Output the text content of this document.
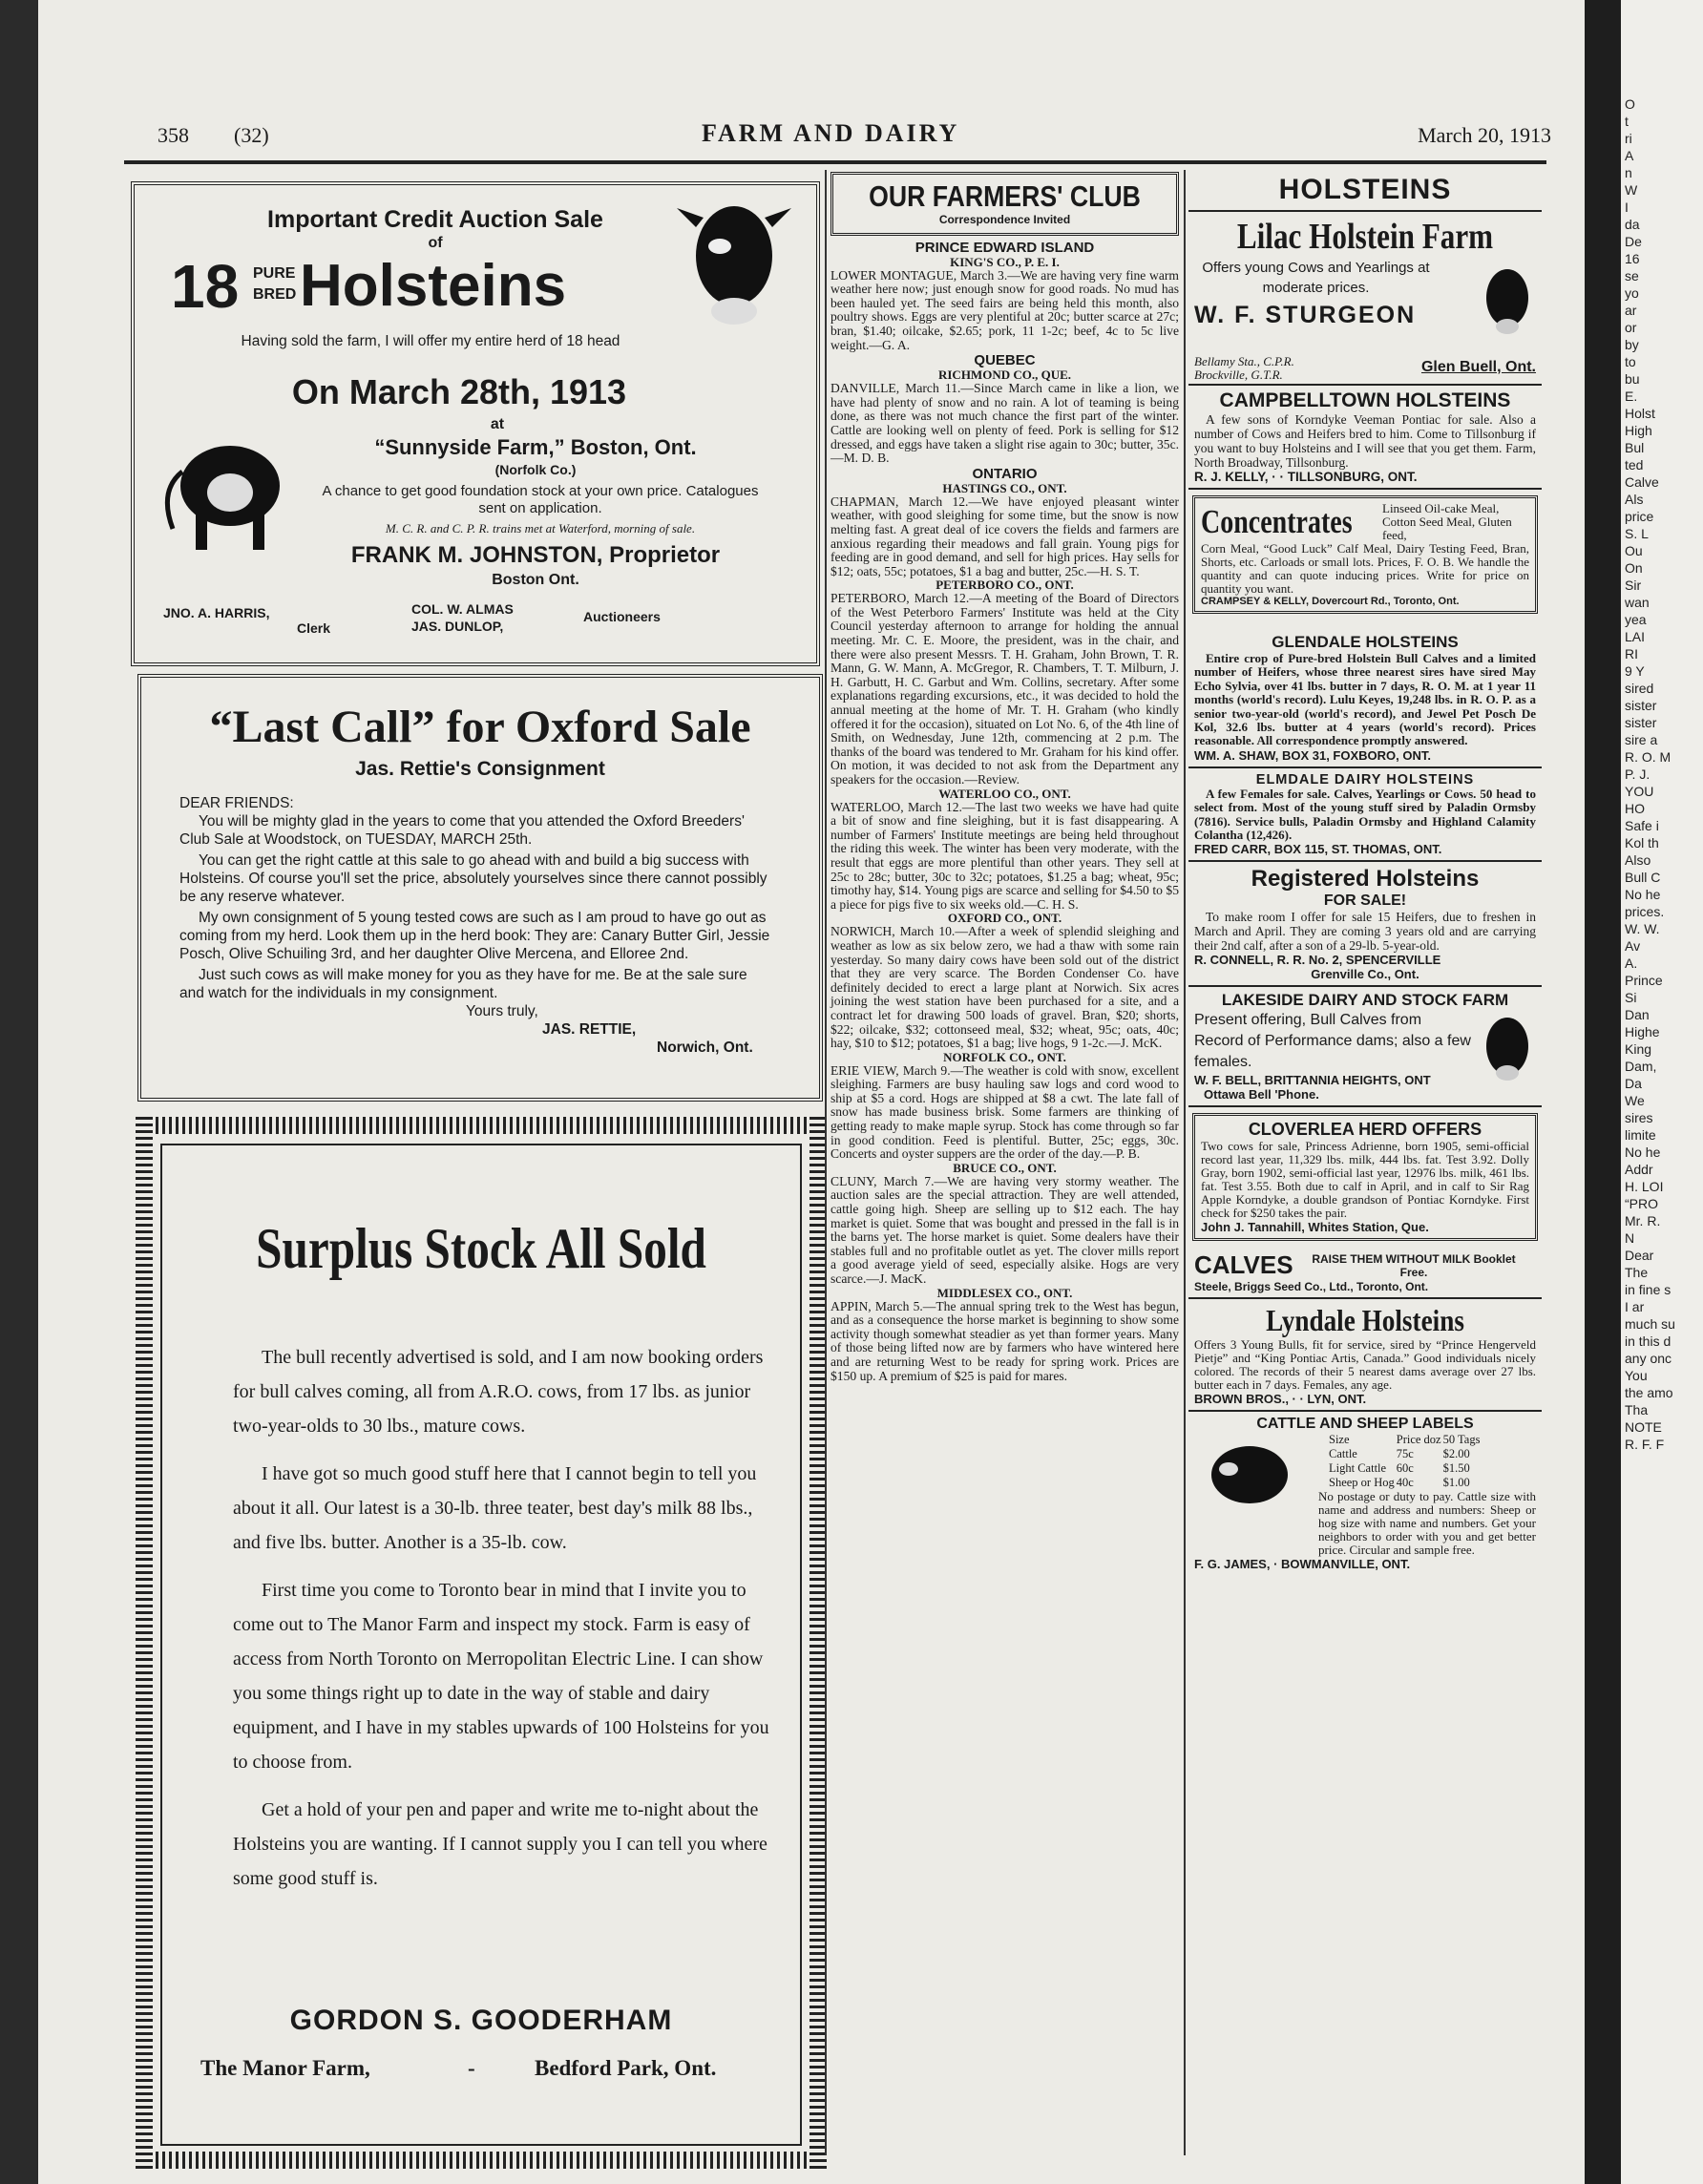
358 (32)	FARM AND DAIRY	March 20, 1913
Important Credit Auction Sale
of
18 PURE
BRED Holsteins
Having sold the farm, I will offer my entire herd of 18 head
On March 28th, 1913
at
“Sunnyside Farm,” Boston, Ont.
(Norfolk Co.)
A chance to get good foundation stock at your own price. Catalogues sent on application.
M. C. R. and C. P. R. trains met at Waterford, morning of sale.
FRANK M. JOHNSTON, Proprietor
Boston Ont.
JNO. A. HARRIS,
Clerk
COL. W. ALMAS
JAS. DUNLOP,
Auctioneers
“Last Call” for Oxford Sale
Jas. Rettie's Consignment
DEAR FRIENDS:
You will be mighty glad in the years to come that you attended the Oxford Breeders' Club Sale at Woodstock, on TUESDAY, MARCH 25th.
You can get the right cattle at this sale to go ahead with and build a big success with Holsteins. Of course you'll set the price, absolutely yourselves since there cannot possibly be any reserve whatever.
My own consignment of 5 young tested cows are such as I am proud to have go out as coming from my herd. Look them up in the herd book: They are: Canary Butter Girl, Jessie Posch, Olive Schuiling 3rd, and her daughter Olive Mercena, and Elloree 2nd.
Just such cows as will make money for you as they have for me. Be at the sale sure and watch for the individuals in my consignment.
Yours truly,
JAS. RETTIE,
Norwich, Ont.
Surplus Stock All Sold
The bull recently advertised is sold, and I am now booking orders for bull calves coming, all from A.R.O. cows, from 17 lbs. as junior two-year-olds to 30 lbs., mature cows.
I have got so much good stuff here that I cannot begin to tell you about it all. Our latest is a 30-lb. three teater, best day's milk 88 lbs., and five lbs. butter. Another is a 35-lb. cow.
First time you come to Toronto bear in mind that I invite you to come out to The Manor Farm and inspect my stock. Farm is easy of access from North Toronto on Merropolitan Electric Line. I can show you some things right up to date in the way of stable and dairy equipment, and I have in my stables upwards of 100 Holsteins for you to choose from.
Get a hold of your pen and paper and write me to-night about the Holsteins you are wanting. If I cannot supply you I can tell you where some good stuff is.
GORDON S. GOODERHAM
The Manor Farm,	-	Bedford Park, Ont.
OUR FARMERS' CLUB
Correspondence Invited
PRINCE EDWARD ISLAND
KING'S CO., P. E. I.

LOWER MONTAGUE, March 3.—We are having very fine warm weather here now; just enough snow for good roads. No mud has been hauled yet. The seed fairs are being held this month, also poultry shows. Eggs are very plentiful at 20c; butter scarce at 27c; bran, $1.40; oilcake, $2.65; pork, 11 1-2c; beef, 4c to 5c live weight.—G. A.

QUEBEC
RICHMOND CO., QUE.

DANVILLE, March 11.—Since March came in like a lion, we have had plenty of snow and no rain. A lot of teaming is being done, as there was not much chance the first part of the winter. Cattle are looking well on plenty of feed. Pork is selling for $12 dressed, and eggs have taken a slight rise again to 30c; butter, 35c.—M. D. B.

ONTARIO
HASTINGS CO., ONT.

CHAPMAN, March 12.—We have enjoyed pleasant winter weather, with good sleighing for some time, but the snow is now melting fast. A great deal of ice covers the fields and farmers are anxious regarding their meadows and fall grain. Young pigs for feeding are in good demand, and sell for high prices. Hay sells for $12; oats, 55c; potatoes, $1 a bag and butter, 25c.—H. S. T.

PETERBORO CO., ONT.

PETERBORO, March 12.—A meeting of the Board of Directors of the West Peterboro Farmers' Institute was held at the City Council yesterday afternoon to arrange for holding the annual meeting. Mr. C. E. Moore, the president, was in the chair, and there were also present Messrs. T. H. Graham, John Brown, T. R. Mann, G. W. Mann, A. McGregor, R. Chambers, T. T. Milburn, J. H. Garbutt, H. C. Garbut and Wm. Collins, secretary. After some explanations regarding excursions, etc., it was decided to hold the annual meeting at the home of Mr. T. H. Graham (who kindly offered it for the occasion), situated on Lot No. 6, of the 4th line of Smith, on Wednesday, June 12th, commencing at 2 p.m. The thanks of the board was tendered to Mr. Graham for his kind offer. On motion, it was decided to not ask from the Department any speakers for the occasion.—Review.

WATERLOO CO., ONT.

WATERLOO, March 12.—The last two weeks we have had quite a bit of snow and fine sleighing, but it is fast disappearing. A number of Farmers' Institute meetings are being held throughout the riding this week. The winter has been very moderate, with the result that eggs are more plentiful than other years. They sell at 25c to 28c; butter, 30c to 32c; potatoes, $1.25 a bag; wheat, 95c; timothy hay, $14. Young pigs are scarce and selling for $4.50 to $5 a piece for pigs five to six weeks old.—C. H. S.

OXFORD CO., ONT.

NORWICH, March 10.—After a week of splendid sleighing and weather as low as six below zero, we had a thaw with some rain yesterday. So many dairy cows have been sold out of the district that they are very scarce. The Borden Condenser Co. have definitely decided to erect a large plant at Norwich. Six acres joining the west station have been purchased for a site, and a contract let for drawing 500 loads of gravel. Bran, $20; shorts, $22; oilcake, $32; cottonseed meal, $32; wheat, 95c; oats, 40c; hay, $10 to $12; potatoes, $1 a bag; live hogs, 9 1-2c.—J. McK.

NORFOLK CO., ONT.

ERIE VIEW, March 9.—The weather is cold with snow, excellent sleighing. Farmers are busy hauling saw logs and cord wood to ship at $5 a cord. Hogs are shipped at $8 a cwt. The late fall of snow has made business brisk. Some farmers are thinking of getting ready to make maple syrup. Stock has come through so far in good condition. Feed is plentiful. Butter, 25c; eggs, 30c. Concerts and oyster suppers are the order of the day.—P. B.

BRUCE CO., ONT.

CLUNY, March 7.—We are having very stormy weather. The auction sales are the special attraction. They are well attended, cattle going high. Sheep are selling up to $12 each. The hay market is quiet. Some that was bought and pressed in the fall is in the barns yet. The horse market is quiet. Some dealers have their stables full and no profitable outlet as yet. The clover mills report a good average yield of seed, especially alsike. Hogs are very scarce.—J. MacK.

MIDDLESEX CO., ONT.

APPIN, March 5.—The annual spring trek to the West has begun, and as a consequence the horse market is beginning to show some activity though somewhat steadier as yet than former years. Many of those being lifted now are by farmers who have wintered here and are returning West to be ready for spring work. Prices are $150 up. A premium of $25 is paid for mares.

HOLSTEINS
Lilac Holstein Farm
Offers young Cows and Yearlings at moderate prices.
W. F. STURGEON
Bellamy Sta., C.P.R. Brockville, G.T.R.	Glen Buell, Ont.
CAMPBELLTOWN HOLSTEINS

A few sons of Korndyke Veeman Pontiac for sale. Also a number of Cows and Heifers bred to him. Come to Tillsonburg if you want to buy Holsteins and I will see that you get them. Farm, North Broadway, Tillsonburg.

R. J. KELLY, · · TILLSONBURG, ONT.
Concentrates Linseed Oil-cake Meal, Cotton Seed Meal, Gluten feed,

Corn Meal, “Good Luck” Calf Meal, Dairy Testing Feed, Bran, Shorts, etc. Carloads or small lots. Prices, F. O. B. We handle the quantity and can quote inducing prices. Write for price on quantity you want.

CRAMPSEY & KELLY, Dovercourt Rd., Toronto, Ont.
GLENDALE HOLSTEINS

Entire crop of Pure-bred Holstein Bull Calves and a limited number of Heifers, whose three nearest sires have sired May Echo Sylvia, over 41 lbs. butter in 7 days, R. O. M. at 1 year 11 months (world's record). Lulu Keyes, 19,248 lbs. in R. O. P. as a senior two-year-old (world's record), and Jewel Pet Posch De Kol, 32.6 lbs. butter at 4 years (world's record). Prices reasonable. All correspondence promptly answered.

WM. A. SHAW, BOX 31, FOXBORO, ONT.
ELMDALE DAIRY HOLSTEINS

A few Females for sale. Calves, Yearlings or Cows. 50 head to select from. Most of the young stuff sired by Paladin Ormsby (7816). Service bulls, Paladin Ormsby and Highland Calamity Colantha (12,426).

FRED CARR, BOX 115, ST. THOMAS, ONT.
Registered Holsteins
FOR SALE!

To make room I offer for sale 15 Heifers, due to freshen in March and April. They are coming 3 years old and are carrying their 2nd calf, after a son of a 29-lb. 5-year-old.

R. CONNELL, R. R. No. 2, SPENCERVILLE
Grenville Co., Ont.
LAKESIDE DAIRY AND STOCK FARM

Present offering, Bull Calves from Record of Performance dams; also a few females.

W. F. BELL, BRITTANNIA HEIGHTS, ONT
Ottawa Bell 'Phone.
CLOVERLEA HERD OFFERS

Two cows for sale, Princess Adrienne, born 1905, semi-official record last year, 11,329 lbs. milk, 444 lbs. fat. Test 3.92. Dolly Gray, born 1902, semi-official last year, 12976 lbs. milk, 461 lbs. fat. Test 3.55. Both due to calf in April, and in calf to Sir Rag Apple Korndyke, a double grandson of Pontiac Korndyke. First check for $250 takes the pair.

John J. Tannahill, Whites Station, Que.
CALVES	RAISE THEM WITHOUT MILK Booklet Free.
Steele, Briggs Seed Co., Ltd., Toronto, Ont.
Lyndale Holsteins

Offers 3 Young Bulls, fit for service, sired by “Prince Hengerveld Pietje” and “King Pontiac Artis, Canada.” Good individuals nicely colored. The records of their 5 nearest dams average over 27 lbs. butter each in 7 days. Females, any age.

BROWN BROS., · · LYN, ONT.
CATTLE AND SHEEP LABELS
Size	Price doz	50 Tags
Cattle	75c	$2.00
Light Cattle	60c	$1.50
Sheep or Hog	40c	$1.00

No postage or duty to pay. Cattle size with name and address and numbers: Sheep or hog size with name and numbers. Get your neighbors to order with you and get better price. Circular and sample free.

F. G. JAMES, · BOWMANVILLE, ONT.
O
t
ri
A
n
W
I
da
De
16
se
yo
ar
or
by
to
bu
E.
Holst
High
Bul
ted
Calve
Als
price
S. L
Ou
On
Sir
wan
yea
LAI
RI
9 Y
sired
sister
sister
sire a
R. O. M
P. J.
YOU
HO
Safe i
Kol th
Also
Bull C
No he
prices.
W. W.
Av
A.
Prince
Si
Dan
Highe
King
Dam,
Da
We
sires
limite
No he
Addr
H. LOI
“PRO
Mr. R.
N
Dear
The
in fine s
I ar
much su
in this d
any onc
You
the amo
Tha
NOTE
R. F. F
